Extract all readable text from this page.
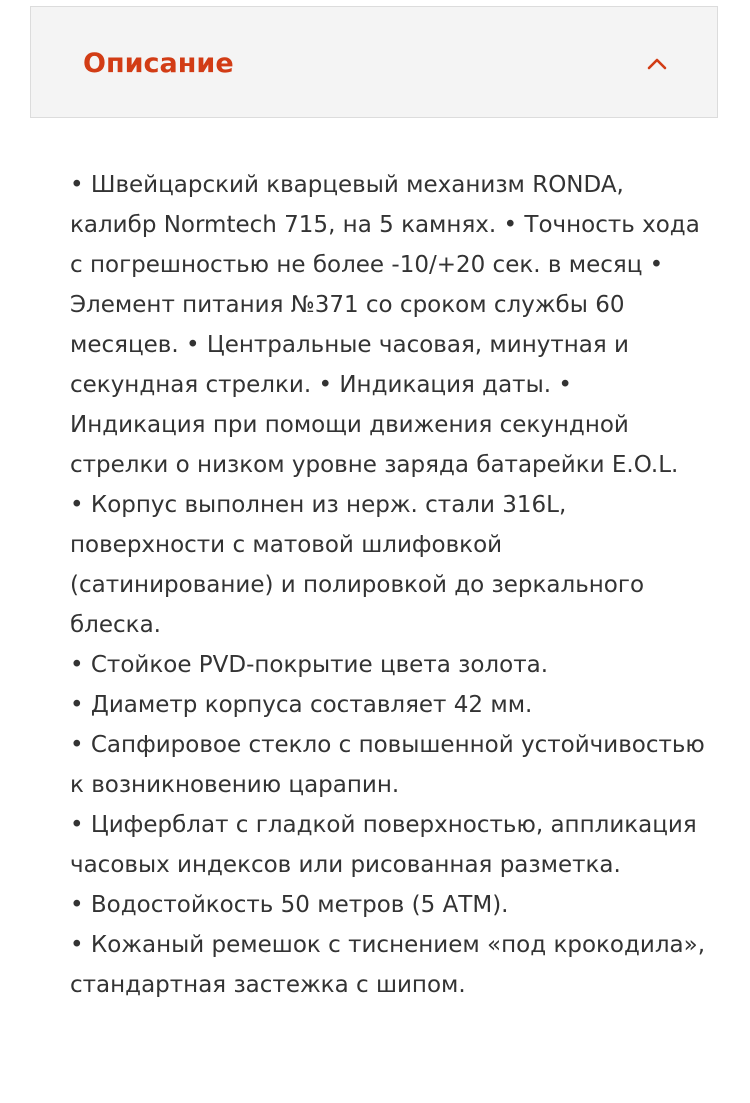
Описание

• Швейцарский кварцевый механизм RONDA, калибр Normtech 715, на 5 камнях. • Точность хода с погрешностью не более -10/+20 сек. в месяц • Элемент питания №371 со сроком службы 60 месяцев. • Центральные часовая, минутная и секундная стрелки. • Индикация даты. • Индикация при помощи движения секундной стрелки о низком уровне заряда батарейки E.O.L.

• Корпус выполнен из нерж. стали 316L, поверхности с матовой шлифовкой (сатинирование) и полировкой до зеркального блеска.

• Стойкое PVD-покрытие цвета золота.

• Диаметр корпуса составляет 42 мм.

• Сапфировое стекло с повышенной устойчивостью к возникновению царапин.

• Циферблат с гладкой поверхностью, аппликация часовых индексов или рисованная разметка.

• Водостойкость 50 метров (5 АТМ).

• Кожаный ремешок с тиснением «под крокодила», стандартная застежка с шипом.
